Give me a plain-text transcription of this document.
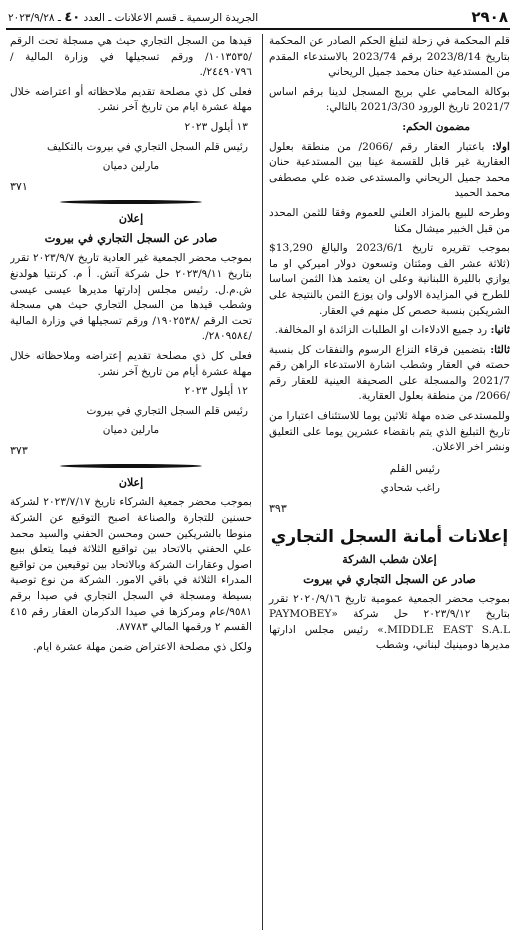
٢٩٠٨
الجريدة الرسمية ـ قسم الاعلانات ـ العدد ٤٠ ـ ٢٠٢٣/٩/٢٨

قلم المحكمة في زحلة لتبلغ الحكم الصادر عن المحكمة بتاريخ 2023/8/14 برقم 2023/74 بالاستدعاء المقدم من المستدعية حنان محمد جميل الريحاني

بوكالة المحامي علي بريج المسجل لدينا برقم اساس 2021/7 تاريخ الورود 2021/3/30 بالتالي:

مضمون الحكم:

اولا: باعتبار العقار رقم /2066/ من منطقة بعلول العقارية غير قابل للقسمة عينا بين المستدعية حنان محمد جميل الريحاني والمستدعى ضده علي مصطفى محمد الحميد

وطرحه للبيع بالمزاد العلني للعموم وفقا للثمن المحدد من قبل الخبير ميشال مكنا

بموجب تقريره تاريخ 2023/6/1 والبالغ 13,290$ (ثلاثة عشر الف ومئتان وتسعون دولار اميركي او ما يوازي بالليرة اللبنانية وعلى ان يعتمد هذا الثمن اساسا للطرح في المزايدة الاولى وان يوزع الثمن بالنتيجة على الشريكين بنسبة حصص كل منهم في العقار.

ثانيا: رد جميع الادلاءات او الطلبات الزائدة او المخالفة.

ثالثا: بتضمين فرقاء النزاع الرسوم والنفقات كل بنسبة حصته في العقار وشطب اشارة الاستدعاء الراهن رقم 2021/7 والمسجلة على الصحيفة العينية للعقار رقم /2066/ من منطقة بعلول العقارية.

وللمستدعى ضده مهلة ثلاثين يوما للاستئناف اعتبارا من تاريخ التبليغ الذي يتم بانقضاء عشرين يوما على التعليق ونشر اخر الاعلان.

رئيس القلم

راغب شحادي

٣٩٣

إعلانات أمانة السجل التجاري
إعلان شطب الشركة
صادر عن السجل التجاري في بيروت

بموجب محضر الجمعية عمومية تاريخ ٢٠٢٠/٩/١٦ تقرر بتاريخ ٢٠٢٣/٩/١٢ حل شركة «PAYMOBEY MIDDLE EAST S.A.L.» رئيس مجلس ادارتها مديرها دومينيك لبناني، وشطب

قيدها من السجل التجاري حيث هي مسجلة تحت الرقم /١٠١٣٥٣٥/ ورقم تسجيلها في وزارة المالية /٢٤٤٩٠٧٩٦/.

فعلى كل ذي مصلحة تقديم ملاحظاته أو اعتراضه خلال مهلة عشرة ايام من تاريخ آخر نشر.

١٣ أيلول ٢٠٢٣

رئيس قلم السجل التجاري في بيروت بالتكليف

مارلين دميان

٣٧١

إعلان
صادر عن السجل التجاري في بيروت

بموجب محضر الجمعية غير العادية تاريخ ٢٠٢٣/٩/٧ تقرر بتاريخ ٢٠٢٣/٩/١١ حل شركة آتش. أ م. كرنتيا هولدنغ ش.م.ل. رئيس مجلس إدارتها مديرها عيسى عيسى وشطب قيدها من السجل التجاري حيث هي مسجلة تحت الرقم /١٩٠٢٥٣٨/ ورقم تسجيلها في وزارة المالية /٢٨٠٩٥٨٤/.

فعلى كل ذي مصلحة تقديم إعتراضه وملاحظاته خلال مهلة عشرة أيام من تاريخ آخر نشر.

١٢ أيلول ٢٠٢٣

رئيس قلم السجل التجاري في بيروت

مارلين دميان

٣٧٣

إعلان

بموجب محضر جمعية الشركاء تاريخ ٢٠٢٣/٧/١٧ لشركة حسنين للتجارة والصناعة اصبح التوقيع عن الشركة منوطا بالشريكين حسن ومحسن الحفني والسيد محمد علي الحفني بالاتحاد بين تواقيع الثلاثة فيما يتعلق ببيع اصول وعقارات الشركة وبالاتحاد بين توقيعين من تواقيع المدراء الثلاثة في باقي الامور. الشركة من نوع توصية بسيطة ومسجلة في السجل التجاري في صيدا برقم ٩٥٨١/عام ومركزها في صيدا الدكرمان العقار رقم ٤١٥ القسم ٢ ورقمها المالي ٨٧٧٨٣.

ولكل ذي مصلحة الاعتراض ضمن مهلة عشرة ايام.
